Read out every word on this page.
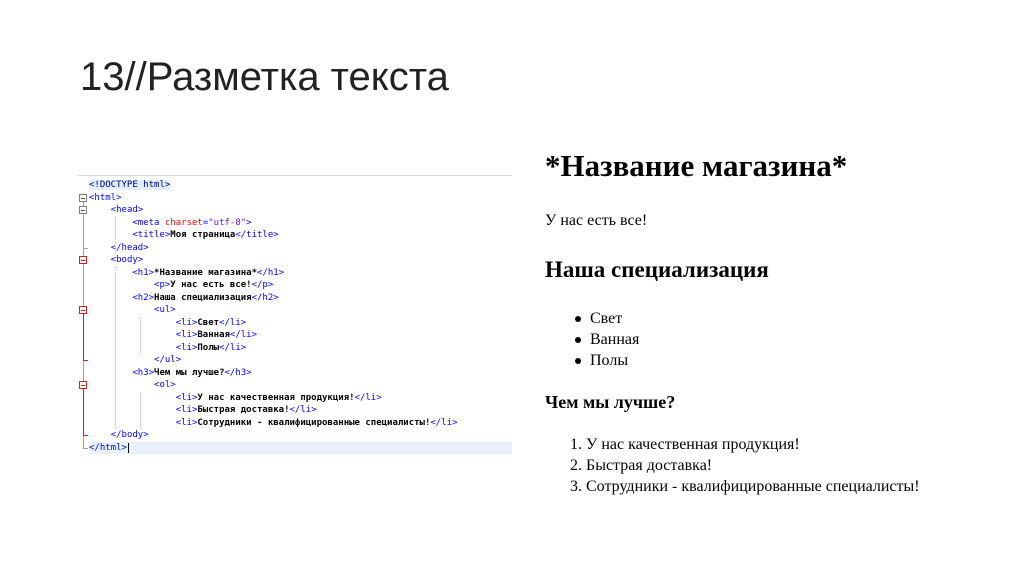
13//Разметка текста
<!DOCTYPE html>
<html>
<head>
<meta charset="utf-8">
<title>Моя страница</title>
</head>
<body>
<h1>*Название магазина*</h1>
<p>У нас есть все!</p>
<h2>Наша специализация</h2>
<ul>
<li>Свет</li>
<li>Ванная</li>
<li>Полы</li>
</ul>
<h3>Чем мы лучше?</h3>
<ol>
<li>У нас качественная продукция!</li>
<li>Быстрая доставка!</li>
<li>Сотрудники - квалифицированные специалисты!</li>
</body>
</html>
*Название магазина*

У нас есть все!

Наша специализация
Свет
Ванная
Полы
Чем мы лучше?
1. У нас качественная продукция!
2. Быстрая доставка!
3. Сотрудники - квалифицированные специалисты!
